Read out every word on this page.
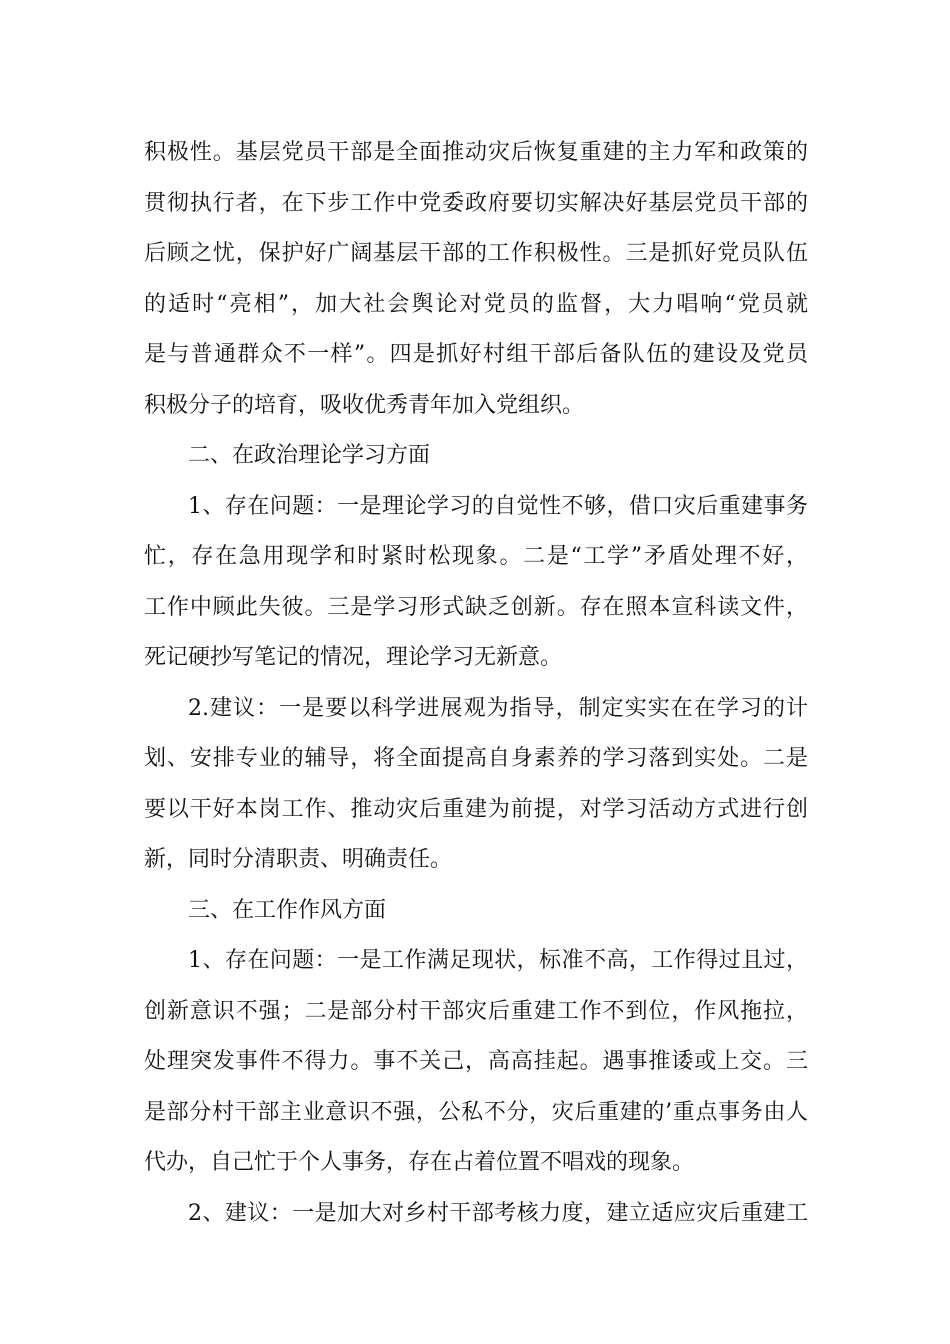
积极性。基层党员干部是全面推动灾后恢复重建的主力军和政策的
贯彻执行者，在下步工作中党委政府要切实解决好基层党员干部的
后顾之忧，保护好广阔基层干部的工作积极性。三是抓好党员队伍
的适时“亮相”，加大社会舆论对党员的监督，大力唱响“党员就
是与普通群众不一样”。四是抓好村组干部后备队伍的建设及党员
积极分子的培育，吸收优秀青年加入党组织。
二、在政治理论学习方面
1、存在问题：一是理论学习的自觉性不够，借口灾后重建事务
忙，存在急用现学和时紧时松现象。二是“工学”矛盾处理不好，
工作中顾此失彼。三是学习形式缺乏创新。存在照本宣科读文件，
死记硬抄写笔记的情况，理论学习无新意。
2.建议：一是要以科学进展观为指导，制定实实在在学习的计
划、安排专业的辅导，将全面提高自身素养的学习落到实处。二是
要以干好本岗工作、推动灾后重建为前提，对学习活动方式进行创
新，同时分清职责、明确责任。
三、在工作作风方面
1、存在问题：一是工作满足现状，标准不高，工作得过且过，
创新意识不强；二是部分村干部灾后重建工作不到位，作风拖拉，
处理突发事件不得力。事不关己，高高挂起。遇事推诿或上交。三
是部分村干部主业意识不强，公私不分，灾后重建的’重点事务由人
代办，自己忙于个人事务，存在占着位置不唱戏的现象。
2、建议：一是加大对乡村干部考核力度，建立适应灾后重建工
